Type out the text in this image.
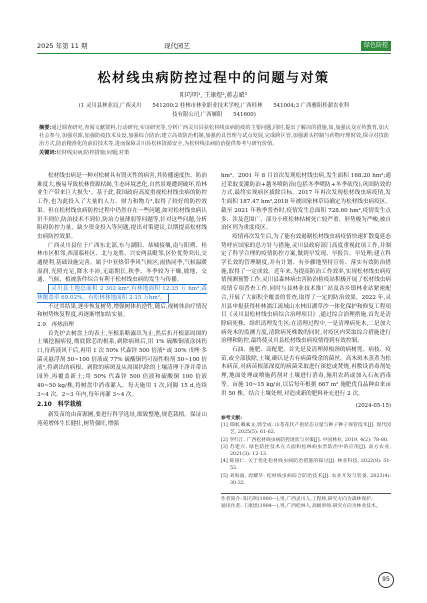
2025 年第 11 期	现代园艺	绿色防控
松材线虫病防控过程中的问题与对策
阳巧明¹, 王康煜²,蒋志斌³
(1 灵川县林业局,广西灵川　　541200;2 桂林市林业职业技术学校,广西桂林　　541004;3 广西雅阻桂薪农业科
技有限公司,广西雁阳　　541600)
摘要:通过调查研究,查阅文献资料,行动研究,实证研究等,分析广西灵川县获松材线虫病防疫的主要问题,同时,提出了解决的措施,如,加强民众宣传教育,加大社会参与,加强对源,加强防疫技术及设,加强综合防治;建立高效防治机制,加强药具管理与试点发展,完成跨区管,加强源头控制与药物疗理时效,探寻对技防治方式,防治精准化的前沿技术等,进而保障灵川县松林资源安全,为松材线虫病防治提供参考与研究价值。
关键词:松材线虫病;防控措施;问题;对策

松材线虫病是一种对松树具有毁灭性的病害,其传播速度快、防治难度大,极易导致松林资源枯竭,生态环境恶化,自然景观遭到破坏,给林业生产带来巨大损失¹。基于此,我国政府高度重视松材线虫病的防控工作,也为此投入了大量的人力、财力和物力²,取得了较好的防控效果。但在松材线虫病防控过程中仍然存在一些问题,如对松材线虫病认识不到位,防治技术不到位,防治力量薄弱等问题等,针对这些问题,分析阻碍防控力量、缺少资金投入等问题,提出对策建议,以期提高松材线虫病防控效果。

广西灵川县位于广西东北部,东与湖阳、恭城接壤,南与阳朔、桂林市区相邻,西部临桂区、北与龙胜、兴安两县毗邻,区位优势突出,交通便利,基础设施完善。属于中亚热带季风气候区,雨热同季,气候温暖湿润,光照充足,降水丰沛,无霜期长,秋季、冬季较为干燥,坡地、交通、气候、植被条件综合有利于松材线虫病的发生与传播。

灵川县土地总面积 2 302 km²,有林地面积 12.35 万 hm²,森林覆盖率 69.02%。有松林林地面积 2.15 万hm²。

不过其结果,逐步恢复树势,增强树体抗逆性,随后,视树体治疗情况和树势恢复程度,再逐渐增加结实量。

2.9　再热治理

首先护去树盘上的表土,至根系略露出为止,然后扒开根部周围的土壤挖掘病侵,彻底除芯的根系,剥除病斑后,用 1% 硫酸铜液涂抹伤口,待药液风干后,再用 1 次 50% 代森锌 500 倍液⁴ 或 30% 戊唑·多菌灵悬浮剂 50~100 倍液或 77% 硫酸铜钙可湿性粉剂 50~100 倍液⁵,将剥出的病根、剥除的病斑及从周围扒除的土壤清理干净并带出园外,再覆盖新土;用 50% 代森锌 500 倍液和硫酸铜 100 倍液 40~50 kg/株,将树盘中消毒灌入、每天施用 1 次,同隔 15 d,连续 3~4 次。2~3 年内,每年再灌 3~4 次。

2.10　科学栽植

新发苗的由苗源圃,要进行科学选址,细致整地,规范栽植。保证山苑苑增体生长健壮,树势强旺,增强

hm²。2001 年 8 月首次发现松材线虫病,发生面积 168.20 hm²;通过采取变灌防治+越冬喷防治(包括冬季喷防+冬季砍伐),巩固防效的方式,最终实现病区拔除目标。2017 年再次发现松材线虫病疫情,发生面积 187.47 hm²,2018 年被国家林草局确定为松材线虫病疫区。截至 2021 年秋季普查时,疫情发生总面积 728.60 hm²,疫情发生点多、涉及范围广、部分小班松林枯树死亡较严重、形势极为严峻,被自治区列为重度疫区。

疫情再次发生后,为了能有效遏制松材线虫病疫情快速扩散蔓延态势呼应国家的总方针与措施,灵川县政府部门高度重视此项工作,并制定了科学合理的疫情防控方案,做到早发现、早报告、早处理;建立科学长效的管理制度,并有计划、有步骤地坚持宣传、落实有效防治措施,取得了一定成效。近年来,为提高防治工作效率,实现松材线虫病疫情预测预警工作,灵川县森林病虫害防治检疫站积极开展了松材线虫病疫情专项普查工作,同时与县林业技术推广站及各乡镇林业站紧密配合,开展了大面积全覆盖的普查,取得了一定的防治效果。2022 年,灵川县申报获得桂林漓江流域山水林田湖草沙一体化保护和修复工程项目《灵川县松材线虫病综合治理项目》,通过综合治理措施,首先是清除病死株、组织清理发生区;在清理过程中,一是清理病死木,二是加大病死木的监测力度,清除病死株数的同时,对疫区内采取综合措施进行治理和防控,最终使灵川县松材线虫病疫情得到有效控制。

石油、施肥、高配肥。首先是及清理掉根颈的病树蔸、病枝、疫苗,或全部拔除,土壤,确认是否有病菌残余的菌丝。高木斑木蒸煮为松木病苗,对病苗根部深度的病菌采取进行深挖或焚烧,再敷设消毒剂处理,地面处理或喷施药剂对土壤进行消毒,施用农药或加入石灰消毒等。亩施 10~15 kg/亩,以后每年根据 667 m² 施肥优良品种由来亩用 50 株。结合土壤处理,对造成新的肥料补充进行 2 次。

(2024-05-15)
参考文献:
[1] 郑刚,赖素文,郭全成. 山苍花状产孢状态分量与种子种子保管技术[J]. 现代园艺, 2025(5): 61-62.
[2] 罗红江. 广西松材线虫病防控现状与对策[J]. 中国林业, 2019, 4(2): 78-80.
[3] 苏建兴. 绿色防控技术在大面积松林病虫害防治中的应用[J]. 南方农业, 2021(3): 12-13.
[4] 陈国仁. 关于优化松材线虫病防治措施的探讨[J]. 林业科技, 2022(8): 51-52.
[5] 刘海波, 周耀华. 松材线虫病综合防治技术[J]. 农业开发与装备, 2023(4): 30-32.
作者简介: 阳巧明(1980—),男,广西灵川人,工程师,研究方向为森林保护。
通讯作者: 王康煜(1984—),男,广西桂林人,高级讲师,研究方向为林业技术。
95
